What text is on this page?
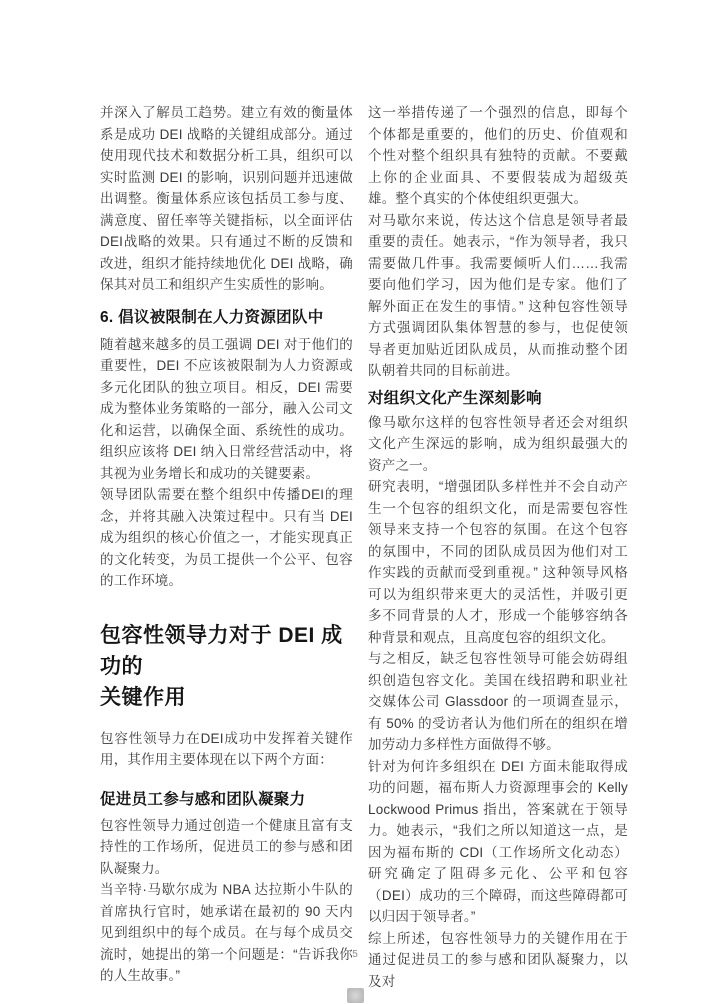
并深入了解员工趋势。建立有效的衡量体系是成功 DEI 战略的关键组成部分。通过使用现代技术和数据分析工具，组织可以实时监测 DEI 的影响，识别问题并迅速做出调整。衡量体系应该包括员工参与度、满意度、留任率等关键指标，以全面评估DEI战略的效果。只有通过不断的反馈和改进，组织才能持续地优化 DEI 战略，确保其对员工和组织产生实质性的影响。

6. 倡议被限制在人力资源团队中

随着越来越多的员工强调 DEI 对于他们的重要性，DEI 不应该被限制为人力资源或多元化团队的独立项目。相反，DEI 需要成为整体业务策略的一部分，融入公司文化和运营，以确保全面、系统性的成功。组织应该将 DEI 纳入日常经营活动中，将其视为业务增长和成功的关键要素。

领导团队需要在整个组织中传播DEI的理念，并将其融入决策过程中。只有当 DEI 成为组织的核心价值之一，才能实现真正的文化转变，为员工提供一个公平、包容的工作环境。

包容性领导力对于 DEI 成功的
关键作用

包容性领导力在DEI成功中发挥着关键作用，其作用主要体现在以下两个方面：

促进员工参与感和团队凝聚力

包容性领导力通过创造一个健康且富有支持性的工作场所，促进员工的参与感和团队凝聚力。

当辛特·马歇尔成为 NBA 达拉斯小牛队的首席执行官时，她承诺在最初的 90 天内见到组织中的每个成员。在与每个成员交流时，她提出的第一个问题是：“告诉我你的人生故事。”

这一举措传递了一个强烈的信息，即每个个体都是重要的，他们的历史、价值观和个性对整个组织具有独特的贡献。不要戴上你的企业面具、不要假装成为超级英雄。整个真实的个体使组织更强大。

对马歇尔来说，传达这个信息是领导者最重要的责任。她表示，“作为领导者，我只需要做几件事。我需要倾听人们……我需要向他们学习，因为他们是专家。他们了解外面正在发生的事情。” 这种包容性领导方式强调团队集体智慧的参与，也促使领导者更加贴近团队成员，从而推动整个团队朝着共同的目标前进。

对组织文化产生深刻影响

像马歇尔这样的包容性领导者还会对组织文化产生深远的影响，成为组织最强大的资产之一。

研究表明，“增强团队多样性并不会自动产生一个包容的组织文化，而是需要包容性领导来支持一个包容的氛围。在这个包容的氛围中，不同的团队成员因为他们对工作实践的贡献而受到重视。” 这种领导风格可以为组织带来更大的灵活性，并吸引更多不同背景的人才，形成一个能够容纳各种背景和观点，且高度包容的组织文化。

与之相反，缺乏包容性领导可能会妨碍组织创造包容文化。美国在线招聘和职业社交媒体公司 Glassdoor 的一项调查显示，有 50% 的受访者认为他们所在的组织在增加劳动力多样性方面做得不够。

针对为何许多组织在 DEI 方面未能取得成功的问题，福布斯人力资源理事会的 Kelly Lockwood Primus 指出，答案就在于领导力。她表示，“我们之所以知道这一点，是因为福布斯的 CDI（工作场所文化动态）研究确定了阻碍多元化、公平和包容（DEI）成功的三个障碍，而这些障碍都可以归因于领导者。”

综上所述，包容性领导力的关键作用在于通过促进员工的参与感和团队凝聚力，以及对

5
